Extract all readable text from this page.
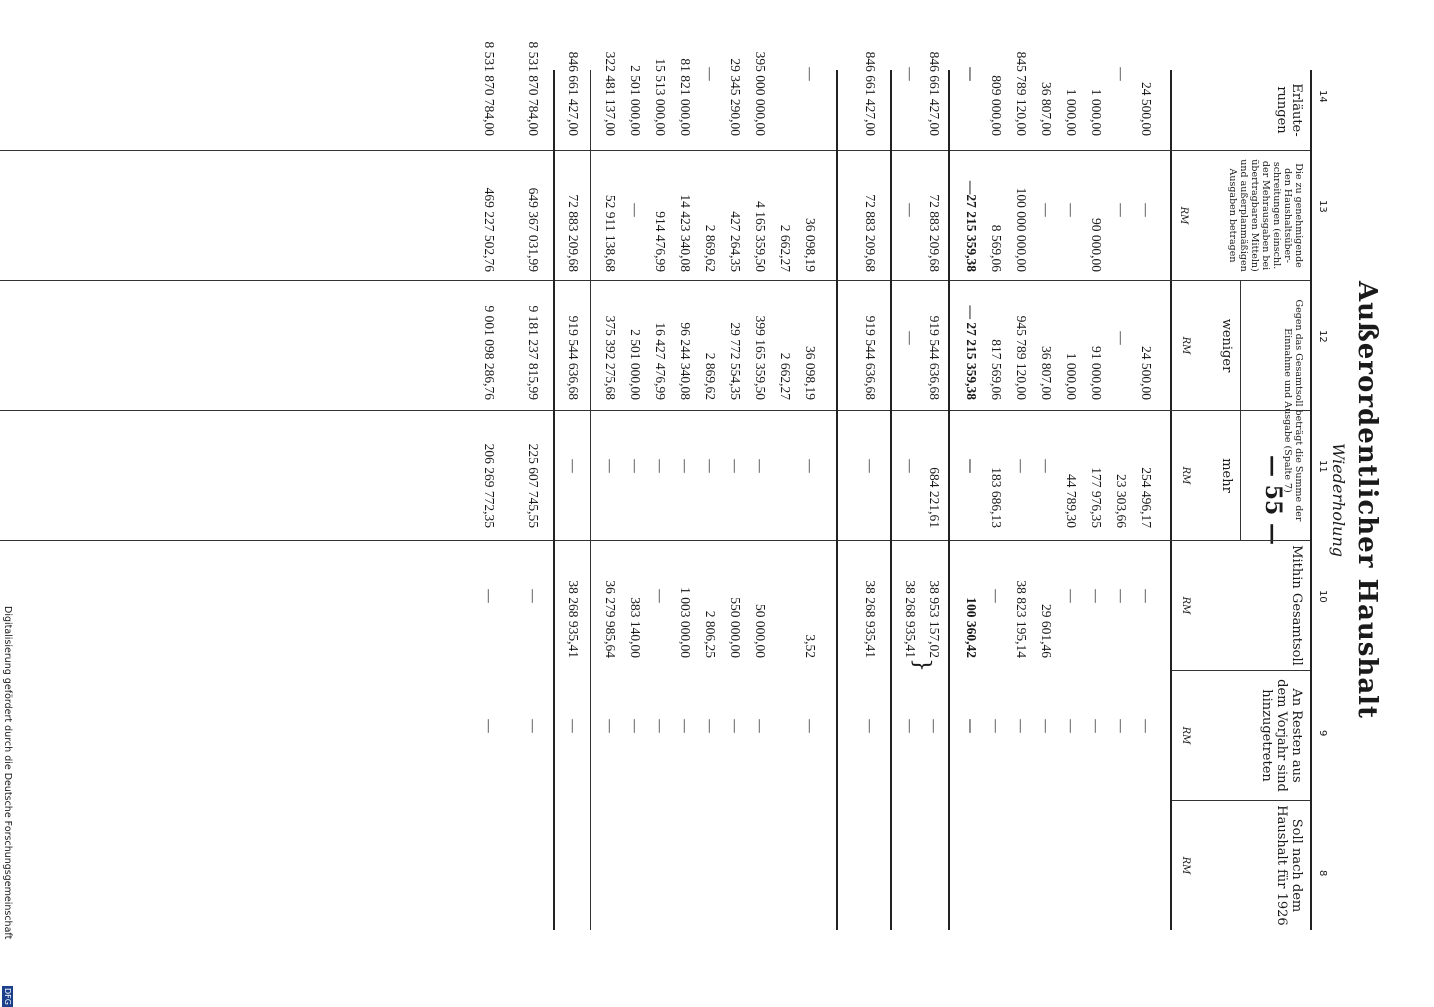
Außerordentlicher Haushalt
Wiederholung
— 55 —
8
9
10
11
12
13
14
Soll nach dem Haushalt für 1926
RM
An Resten aus dem Vorjahr sind hinzugetreten
RM
Mithin Gesamtsoll
RM
Gegen das Gesamtsoll beträgt die Summe der Einnahme und Ausgabe (Spalte 7)
mehr
RM
weniger
RM
Die zu genehmigende den Haushaltsüber-schreitungen (einschl. der Mehrausgaben bei übertragbaren Mitteln) und außerplanmäßigen Ausgaben betragen
RM
Erläute-rungen
24 500,00
—
24 500,00
254 496,17
—
—
—
—
—
23 303,66
—
—
1 000,00
90 000,00
91 000,00
177 976,35
—
—
1 000,00
—
1 000,00
44 789,30
—
—
36 807,00
—
36 807,00
—
29 601,46
—
845 789 120,00
100 000 000,00
945 789 120,00
—
38 823 195,14
—
809 000,00
8 569,06
817 569,06
183 686,13
—
—
—
—27 215 359,38
— 27 215 359,38
—
100 360,42
—
846 661 427,00
72 883 209,68
919 544 636,68
684 221,61
38 953 157,02
—
—
—
—
—
38 268 935,41
—
}
846 661 427,00
72 883 209,68
919 544 636,68
—
38 268 935,41
—
—
36 098,19
36 098,19
—
3,52
—
2 662,27
2 662,27
395 000 000,00
4 165 359,50
399 165 359,50
—
50 000,00
—
29 345 290,00
427 264,35
29 772 554,35
—
550 000,00
—
—
2 869,62
2 869,62
—
2 806,25
—
81 821 000,00
14 423 340,08
96 244 340,08
—
1 003 000,00
—
15 513 000,00
914 476,99
16 427 476,99
—
—
—
2 501 000,00
—
2 501 000,00
—
383 140,00
—
322 481 137,00
52 911 138,68
375 392 275,68
—
36 279 985,64
—
846 661 427,00
72 883 209,68
919 544 636,68
—
38 268 935,41
—
8 531 870 784,00
649 367 031,99
9 181 237 815,99
225 607 745,55
—
—
8 531 870 784,00
469 227 502,76
9 001 098 286,76
206 269 772,35
—
—
Digitalisierung gefördert durch die Deutsche Forschungsgemeinschaft
DFG
